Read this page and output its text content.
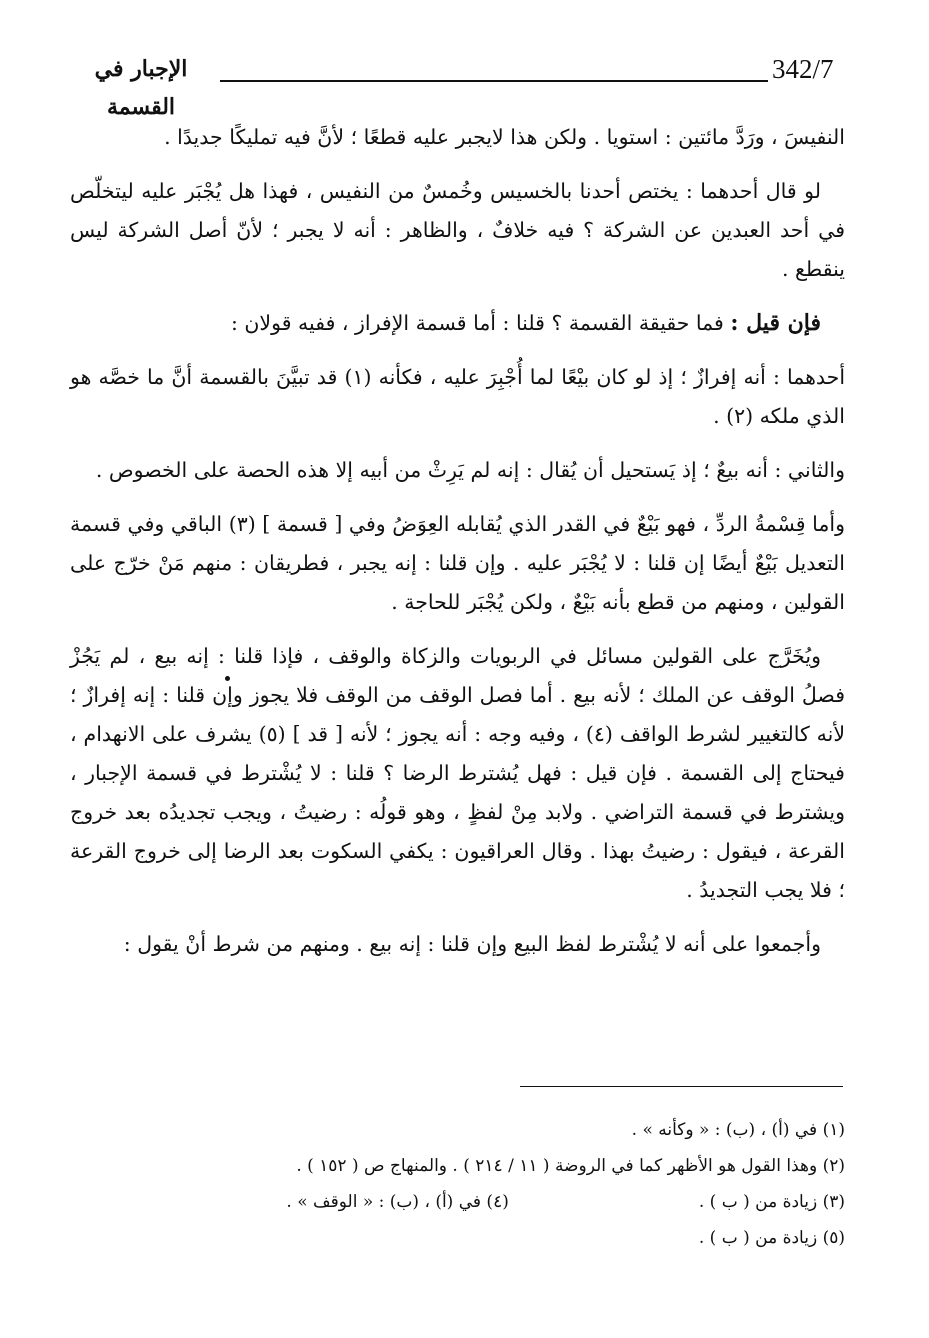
الإجبار في القسمة
342/7

النفيسَ ، ورَدَّ مائتين : استويا . ولكن هذا لايجبر عليه قطعًا ؛ لأنَّ فيه تمليكًا جديدًا .

لو قال أحدهما : يختص أحدنا بالخسيس وخُمسٌ من النفيس ، فهذا هل يُجْبَر عليه ليتخلّص في أحد العبدين عن الشركة ؟ فيه خلافٌ ، والظاهر : أنه لا يجبر ؛ لأنّ أصل الشركة ليس ينقطع .

فإن قيل : فما حقيقة القسمة ؟ قلنا : أما قسمة الإفراز ، ففيه قولان :

أحدهما : أنه إفرازٌ ؛ إذ لو كان بيْعًا لما أُجْبِرَ عليه ، فكأنه (١) قد تبيَّنَ بالقسمة أنَّ ما خصَّه هو الذي ملكه (٢) .

والثاني : أنه بيعٌ ؛ إذ يَستحيل أن يُقال : إنه لم يَرِثْ من أبيه إلا هذه الحصة على الخصوص .

وأما قِسْمةُ الردِّ ، فهو بَيْعٌ في القدر الذي يُقابله العِوَضُ وفي [ قسمة ] (٣) الباقي وفي قسمة التعديل بَيْعٌ أيضًا إن قلنا : لا يُجْبَر عليه . وإن قلنا : إنه يجبر ، فطريقان : منهم مَنْ خرّج على القولين ، ومنهم من قطع بأنه بَيْعٌ ، ولكن يُجْبَر للحاجة .

ويُخَرَّج على القولين مسائل في الربويات والزكاة والوقف ، فإذا قلنا : إنه بيع ، لم يَجُزْ فصلُ الوقف عن الملك ؛ لأنه بيع . أما فصل الوقف من الوقف فلا يجوز وإن قلنا : إنه إفرازٌ ؛ لأنه كالتغيير لشرط الواقف (٤) ، وفيه وجه : أنه يجوز ؛ لأنه [ قد ] (٥) يشرف على الانهدام ، فيحتاج إلى القسمة . فإن قيل : فهل يُشترط الرضا ؟ قلنا : لا يُشْترط في قسمة الإجبار ، ويشترط في قسمة التراضي . ولابد مِنْ لفظٍ ، وهو قولُه : رضيتُ ، ويجب تجديدُه بعد خروج القرعة ، فيقول : رضيتُ بهذا . وقال العراقيون : يكفي السكوت بعد الرضا إلى خروج القرعة ؛ فلا يجب التجديدُ .

وأجمعوا على أنه لا يُشْترط لفظ البيع وإن قلنا : إنه بيع . ومنهم من شرط أنْ يقول :

(١) في (أ) ، (ب) : « وكأنه » .
(٢) وهذا القول هو الأظهر كما في الروضة ( ١١ / ٢١٤ ) . والمنهاج ص ( ١٥٢ ) .
(٣) زيادة من ( ب ) .
(٤) في (أ) ، (ب) : « الوقف » .
(٥) زيادة من ( ب ) .
